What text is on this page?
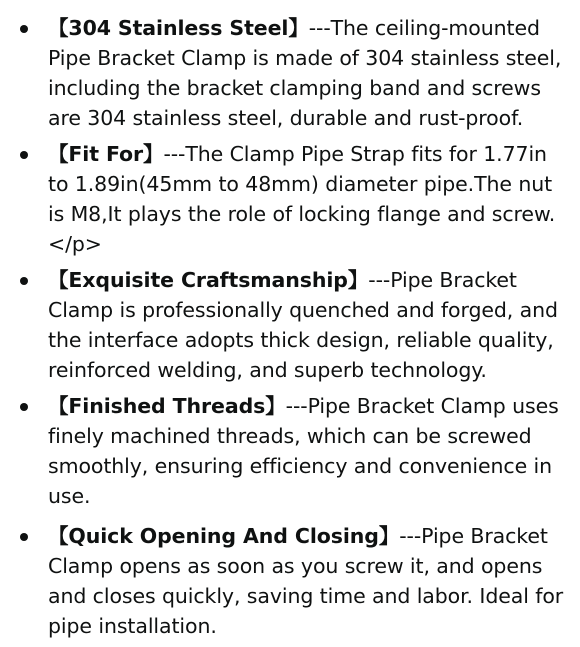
【304 Stainless Steel】---The ceiling-mounted Pipe Bracket Clamp is made of 304 stainless steel, including the bracket clamping band and screws are 304 stainless steel, durable and rust-proof.
【Fit For】---The Clamp Pipe Strap fits for 1.77in to 1.89in(45mm to 48mm) diameter pipe.The nut is M8,It plays the role of locking flange and screw.</p>
【Exquisite Craftsmanship】---Pipe Bracket Clamp is professionally quenched and forged, and the interface adopts thick design, reliable quality, reinforced welding, and superb technology.
【Finished Threads】---Pipe Bracket Clamp uses finely machined threads, which can be screwed smoothly, ensuring efficiency and convenience in use.
【Quick Opening And Closing】---Pipe Bracket Clamp opens as soon as you screw it, and opens and closes quickly, saving time and labor. Ideal for pipe installation.
